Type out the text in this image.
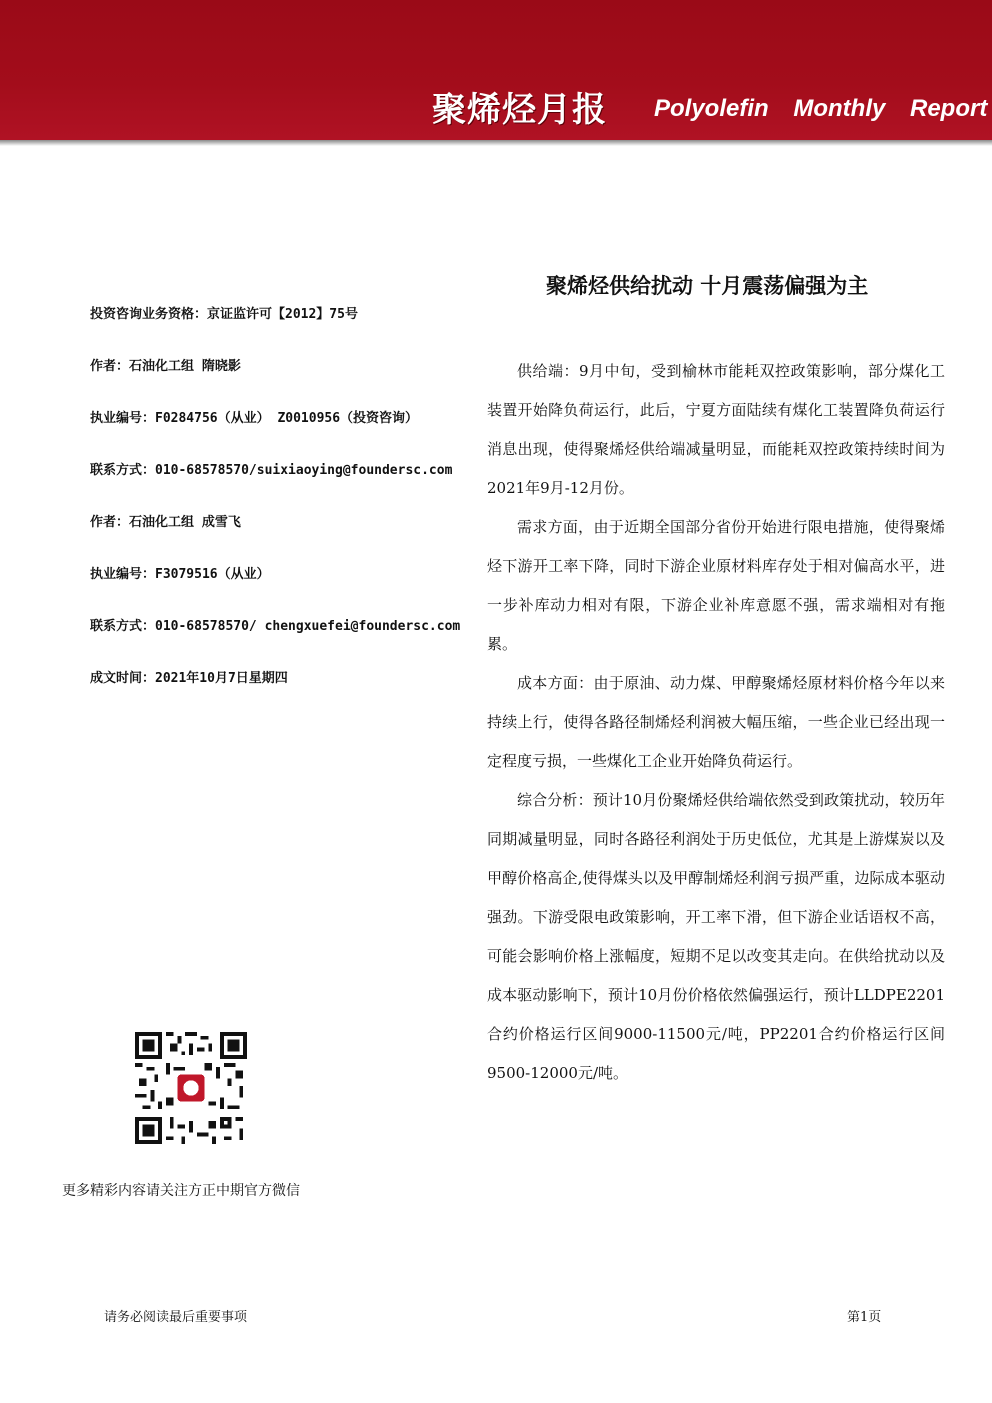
聚烯烃月报 Polyolefin Monthly Report
聚烯烃供给扰动 十月震荡偏强为主
投资咨询业务资格：京证监许可【2012】75号
作者：石油化工组 隋晓影
执业编号：F0284756（从业） Z0010956（投资咨询）
联系方式：010-68578570/suixiaoying@foundersc.com
作者：石油化工组 成雪飞
执业编号：F3079516（从业）
联系方式：010-68578570/ chengxuefei@foundersc.com
成文时间：2021年10月7日星期四

供给端：9月中旬，受到榆林市能耗双控政策影响，部分煤化工装置开始降负荷运行，此后，宁夏方面陆续有煤化工装置降负荷运行消息出现，使得聚烯烃供给端减量明显，而能耗双控政策持续时间为2021年9月-12月份。

需求方面，由于近期全国部分省份开始进行限电措施，使得聚烯烃下游开工率下降，同时下游企业原材料库存处于相对偏高水平，进一步补库动力相对有限，下游企业补库意愿不强，需求端相对有拖累。

成本方面：由于原油、动力煤、甲醇聚烯烃原材料价格今年以来持续上行，使得各路径制烯烃利润被大幅压缩，一些企业已经出现一定程度亏损，一些煤化工企业开始降负荷运行。

综合分析：预计10月份聚烯烃供给端依然受到政策扰动，较历年同期减量明显，同时各路径利润处于历史低位，尤其是上游煤炭以及甲醇价格高企,使得煤头以及甲醇制烯烃利润亏损严重，边际成本驱动强劲。下游受限电政策影响，开工率下滑，但下游企业话语权不高，可能会影响价格上涨幅度，短期不足以改变其走向。在供给扰动以及成本驱动影响下，预计10月份价格依然偏强运行，预计LLDPE2201合约价格运行区间9000-11500元/吨，PP2201合约价格运行区间9500-12000元/吨。

更多精彩内容请关注方正中期官方微信
请务必阅读最后重要事项	第1页
